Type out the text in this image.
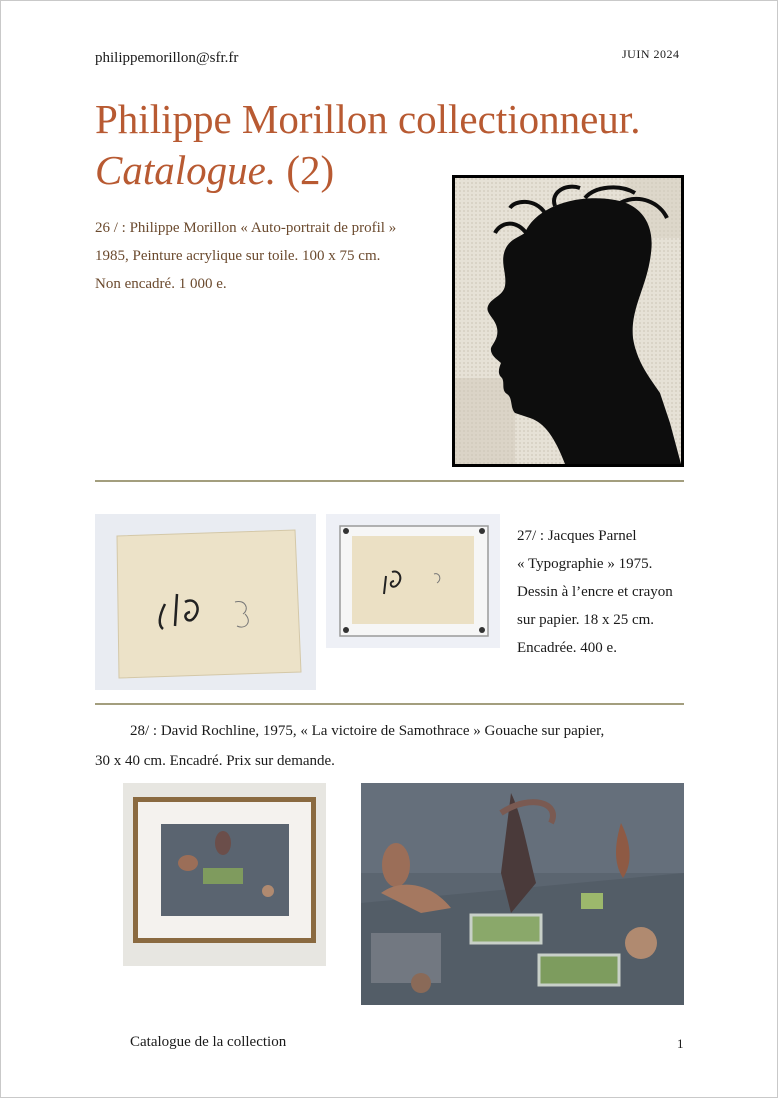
philippemorillon@sfr.fr	JUIN 2024
Philippe Morillon collectionneur.
Catalogue. (2)
26 / : Philippe Morillon « Auto-portrait de profil »
1985, Peinture acrylique sur toile. 100 x 75 cm.
Non encadré. 1 000 e.
27/ : Jacques Parnel
« Typographie » 1975.
Dessin à l’encre et crayon
sur papier. 18 x 25 cm.
Encadrée. 400 e.
28/ : David Rochline, 1975, « La victoire de Samothrace » Gouache sur papier,
30 x 40 cm. Encadré. Prix sur demande.
Catalogue de la collection	1
